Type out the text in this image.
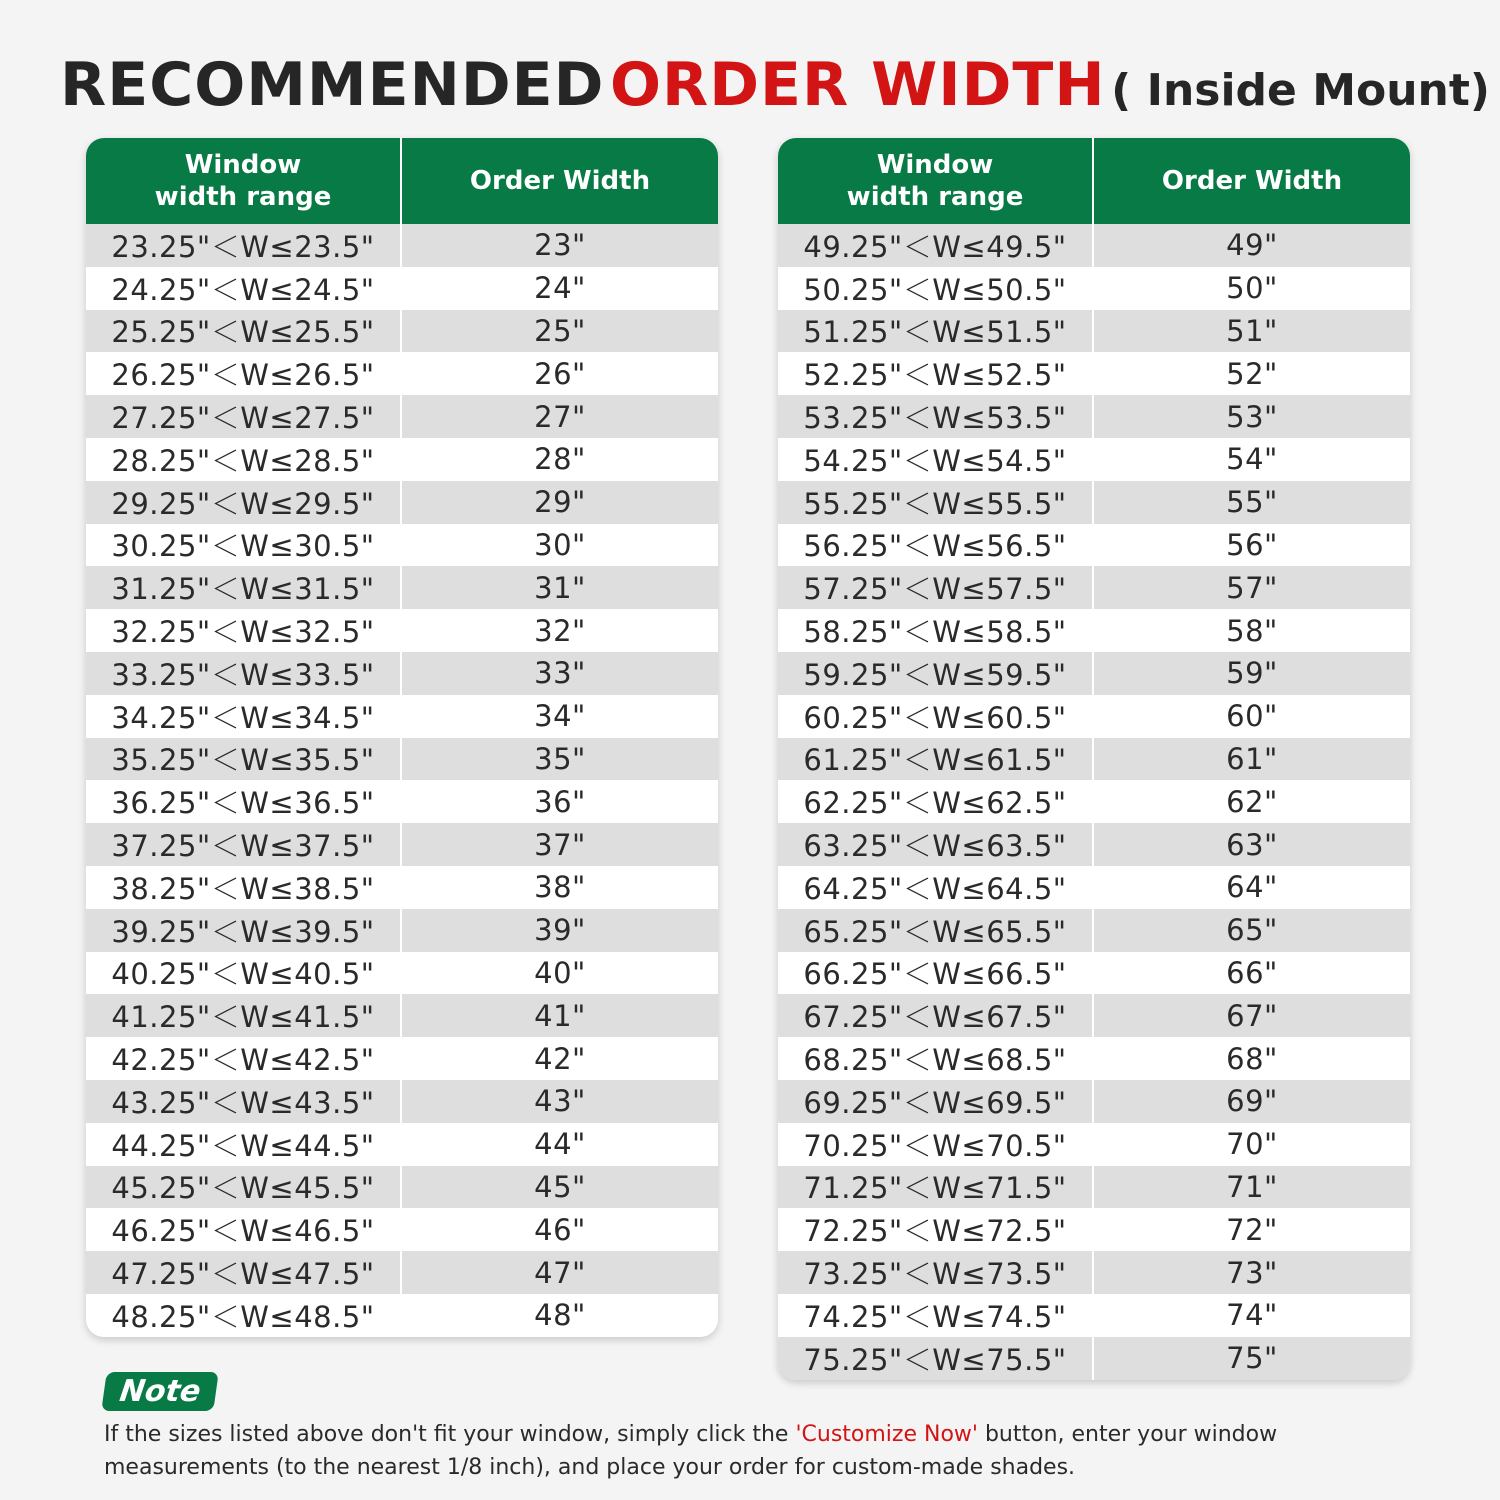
RECOMMENDED ORDER WIDTH ( Inside Mount)
Window
width range
Order Width
23.25"＜W≤23.5"	23"
24.25"＜W≤24.5"	24"
25.25"＜W≤25.5"	25"
26.25"＜W≤26.5"	26"
27.25"＜W≤27.5"	27"
28.25"＜W≤28.5"	28"
29.25"＜W≤29.5"	29"
30.25"＜W≤30.5"	30"
31.25"＜W≤31.5"	31"
32.25"＜W≤32.5"	32"
33.25"＜W≤33.5"	33"
34.25"＜W≤34.5"	34"
35.25"＜W≤35.5"	35"
36.25"＜W≤36.5"	36"
37.25"＜W≤37.5"	37"
38.25"＜W≤38.5"	38"
39.25"＜W≤39.5"	39"
40.25"＜W≤40.5"	40"
41.25"＜W≤41.5"	41"
42.25"＜W≤42.5"	42"
43.25"＜W≤43.5"	43"
44.25"＜W≤44.5"	44"
45.25"＜W≤45.5"	45"
46.25"＜W≤46.5"	46"
47.25"＜W≤47.5"	47"
48.25"＜W≤48.5"	48"
Window
width range
Order Width
49.25"＜W≤49.5"	49"
50.25"＜W≤50.5"	50"
51.25"＜W≤51.5"	51"
52.25"＜W≤52.5"	52"
53.25"＜W≤53.5"	53"
54.25"＜W≤54.5"	54"
55.25"＜W≤55.5"	55"
56.25"＜W≤56.5"	56"
57.25"＜W≤57.5"	57"
58.25"＜W≤58.5"	58"
59.25"＜W≤59.5"	59"
60.25"＜W≤60.5"	60"
61.25"＜W≤61.5"	61"
62.25"＜W≤62.5"	62"
63.25"＜W≤63.5"	63"
64.25"＜W≤64.5"	64"
65.25"＜W≤65.5"	65"
66.25"＜W≤66.5"	66"
67.25"＜W≤67.5"	67"
68.25"＜W≤68.5"	68"
69.25"＜W≤69.5"	69"
70.25"＜W≤70.5"	70"
71.25"＜W≤71.5"	71"
72.25"＜W≤72.5"	72"
73.25"＜W≤73.5"	73"
74.25"＜W≤74.5"	74"
75.25"＜W≤75.5"	75"
Note
If the sizes listed above don't fit your window, simply click the 'Customize Now' button, enter your window measurements (to the nearest 1/8 inch), and place your order for custom-made shades.
